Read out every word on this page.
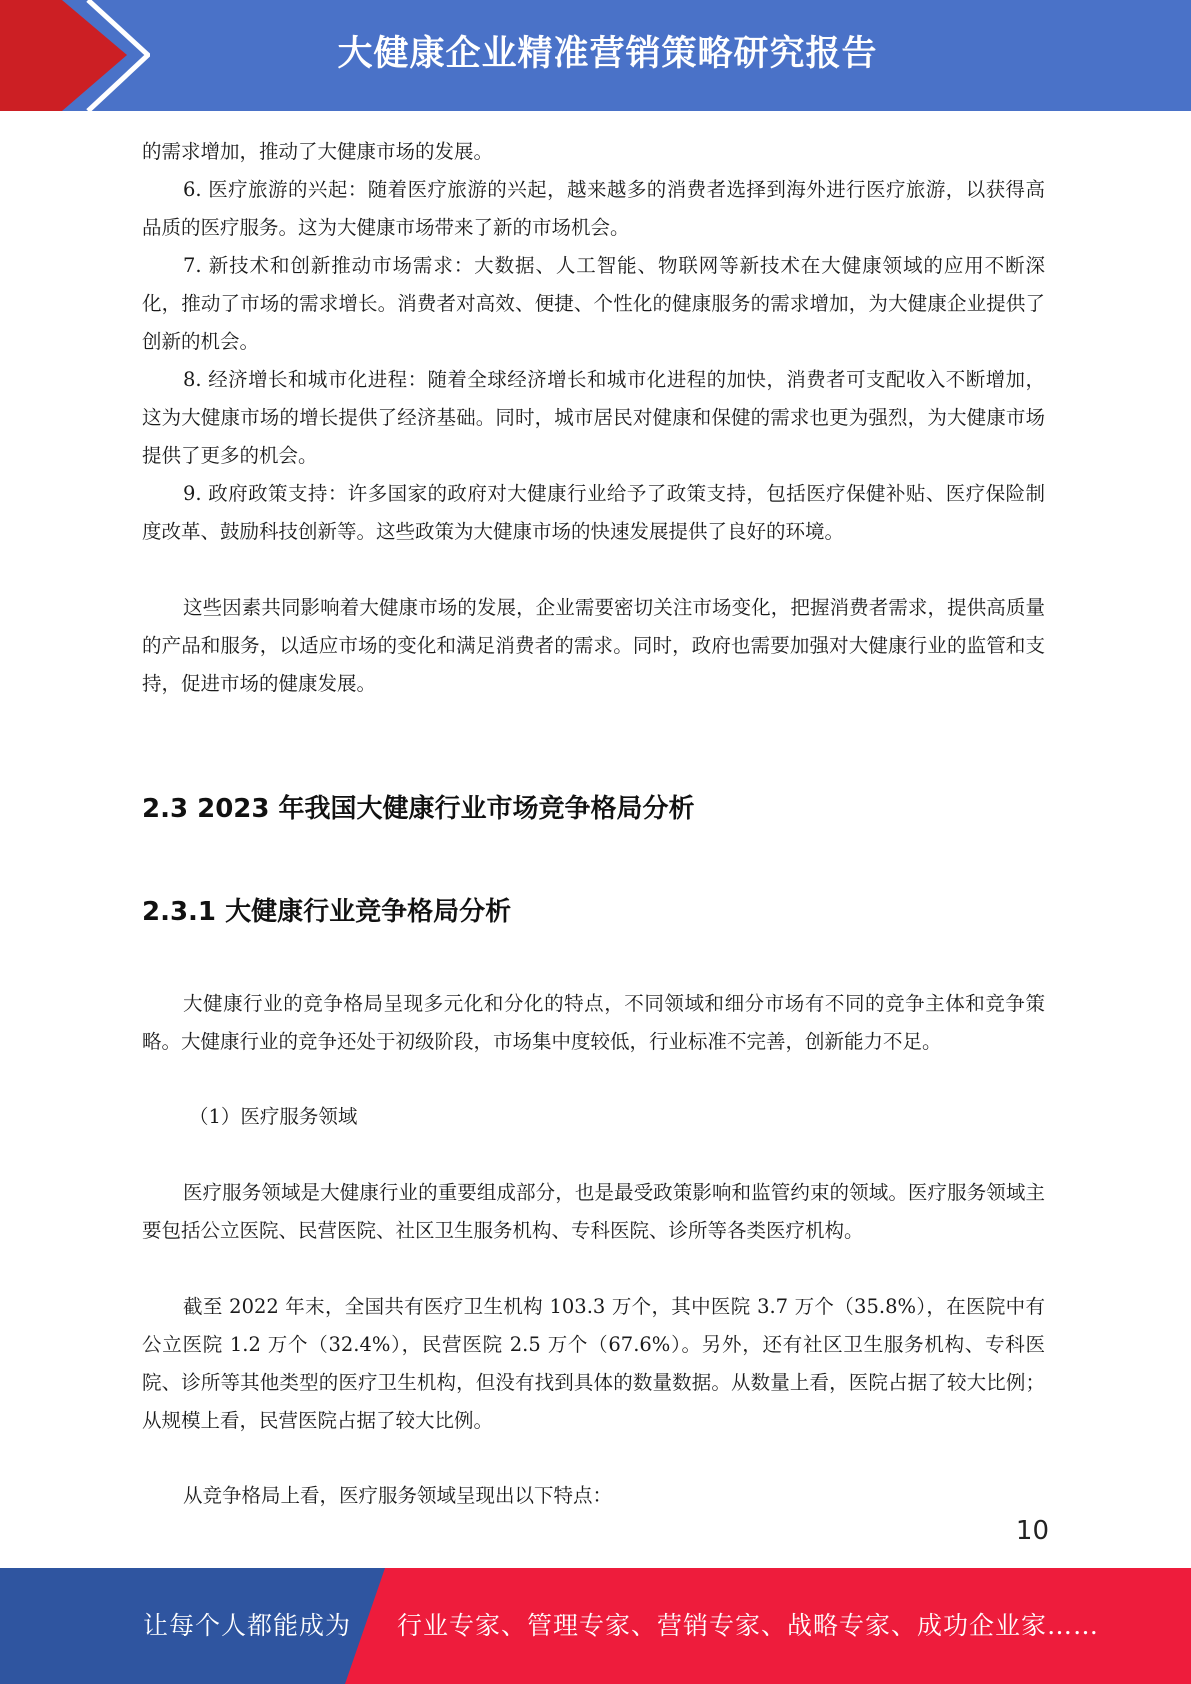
大健康企业精准营销策略研究报告

的需求增加，推动了大健康市场的发展。

6. 医疗旅游的兴起：随着医疗旅游的兴起，越来越多的消费者选择到海外进行医疗旅游，以获得高品质的医疗服务。这为大健康市场带来了新的市场机会。

7. 新技术和创新推动市场需求：大数据、人工智能、物联网等新技术在大健康领域的应用不断深化，推动了市场的需求增长。消费者对高效、便捷、个性化的健康服务的需求增加，为大健康企业提供了创新的机会。

8. 经济增长和城市化进程：随着全球经济增长和城市化进程的加快，消费者可支配收入不断增加，这为大健康市场的增长提供了经济基础。同时，城市居民对健康和保健的需求也更为强烈，为大健康市场提供了更多的机会。

9. 政府政策支持：许多国家的政府对大健康行业给予了政策支持，包括医疗保健补贴、医疗保险制度改革、鼓励科技创新等。这些政策为大健康市场的快速发展提供了良好的环境。

这些因素共同影响着大健康市场的发展，企业需要密切关注市场变化，把握消费者需求，提供高质量的产品和服务，以适应市场的变化和满足消费者的需求。同时，政府也需要加强对大健康行业的监管和支持，促进市场的健康发展。

2.3 2023 年我国大健康行业市场竞争格局分析
2.3.1 大健康行业竞争格局分析

大健康行业的竞争格局呈现多元化和分化的特点，不同领域和细分市场有不同的竞争主体和竞争策略。大健康行业的竞争还处于初级阶段，市场集中度较低，行业标准不完善，创新能力不足。

（1）医疗服务领域

医疗服务领域是大健康行业的重要组成部分，也是最受政策影响和监管约束的领域。医疗服务领域主要包括公立医院、民营医院、社区卫生服务机构、专科医院、诊所等各类医疗机构。

截至 2022 年末，全国共有医疗卫生机构 103.3 万个，其中医院 3.7 万个（35.8%），在医院中有公立医院 1.2 万个（32.4%），民营医院 2.5 万个（67.6%）。另外，还有社区卫生服务机构、专科医院、诊所等其他类型的医疗卫生机构，但没有找到具体的数量数据。从数量上看，医院占据了较大比例；从规模上看，民营医院占据了较大比例。

从竞争格局上看，医疗服务领域呈现出以下特点：

10
让每个人都能成为 行业专家、管理专家、营销专家、战略专家、成功企业家……
